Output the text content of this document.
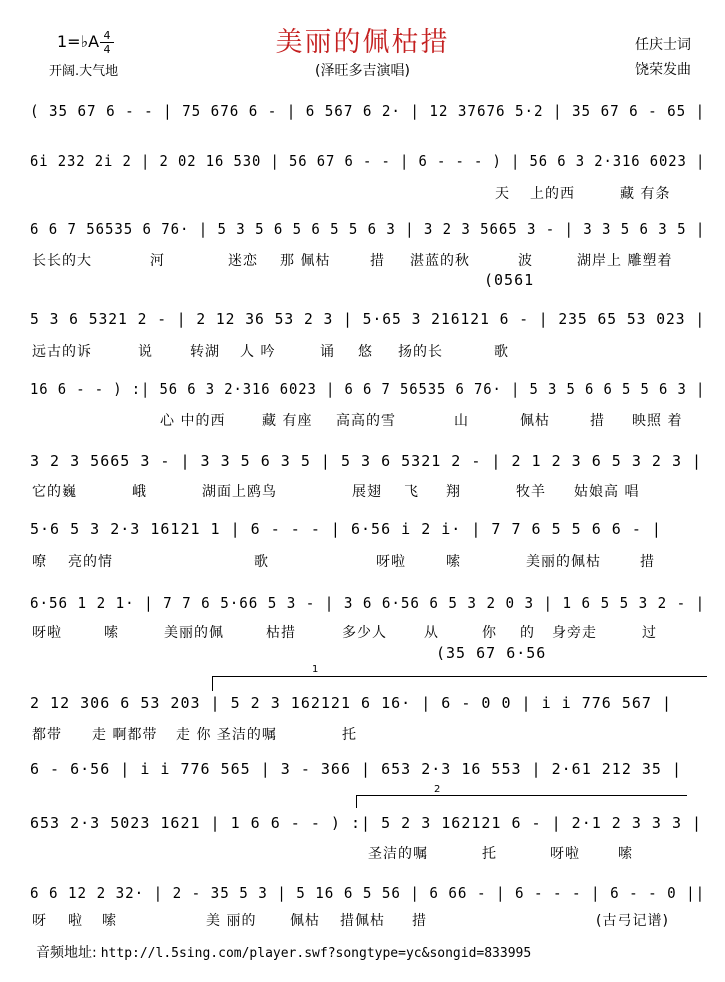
美丽的佩枯措
(泽旺多吉演唱)
1=♭A 4
4
开阔.大气地
任庆士词
饶荣发曲
( 35 67 6 - - | 75 676 6 - | 6 567 6 2· | 12 37676 5·2 | 35 67 6 - 65 |
6i 232 2i 2 | 2 02 16 530 | 56 67 6 - - | 6 - - - ) | 56 6 3 2·316 6023 |
天 上的西	藏 有条
6 6 7 56535 6 76· | 5 3 5 6 5 6 5 5 6 3 | 3 2 3 5665 3 - | 3 3 5 6 3 5 |
长长的大	河	迷恋 那 佩枯	措 湛蓝的秋	波	湖岸上 雕塑着
(0561
5 3 6 5321 2 - | 2 12 36 53 2 3 | 5·65 3 216121 6 - | 235 65 53 023 |
远古的诉	说	转湖 人 吟	诵 悠 扬的长	歌
16 6 - - ) :| 56 6 3 2·316 6023 | 6 6 7 56535 6 76· | 5 3 5 6 6 5 5 6 3 |
心 中的西	藏 有座 高高的雪	山	佩枯	措 映照 着
3 2 3 5665 3 - | 3 3 5 6 3 5 | 5 3 6 5321 2 - | 2 1 2 3 6 5 3 2 3 |
它的巍	峨	湖面上鸥鸟	展翅 飞 翔	牧羊 姑娘高 唱
5·6 5 3 2·3 16121 1 | 6 - - - | 6·56 i 2 i· | 7 7 6 5 5 6 6 - |
嘹 亮的情	歌	呀啦	嗦	美丽的佩枯	措
6·56 1 2 1· | 7 7 6 5·66 5 3 - | 3 6 6·56 6 5 3 2 0 3 | 1 6 5 5 3 2 - |
呀啦	嗦	美丽的佩	枯措	多少人	从	你 的 身旁走	过
(35 67 6·56
1
2 12 306 6 53 203 | 5 2 3 162121 6 16· | 6 - 0 0 | i i 776 567 |
都带 走 啊都带 走 你 圣洁的嘱	托
6 - 6·56 | i i 776 565 | 3 - 366 | 653 2·3 16 553 | 2·61 212 35 |
2
653 2·3 5023 1621 | 1 6 6 - - ) :| 5 2 3 162121 6 - | 2·1 2 3 3 3 |
圣洁的嘱	托	呀啦	嗦
6 6 12 2 32· | 2 - 35 5 3 | 5 16 6 5 56 | 6 66 - | 6 - - - | 6 - - 0 ||
呀 啦 嗦	美 丽的 佩枯 措佩枯 措	(古弓记谱)
音频地址: http://l.5sing.com/player.swf?songtype=yc&songid=833995
